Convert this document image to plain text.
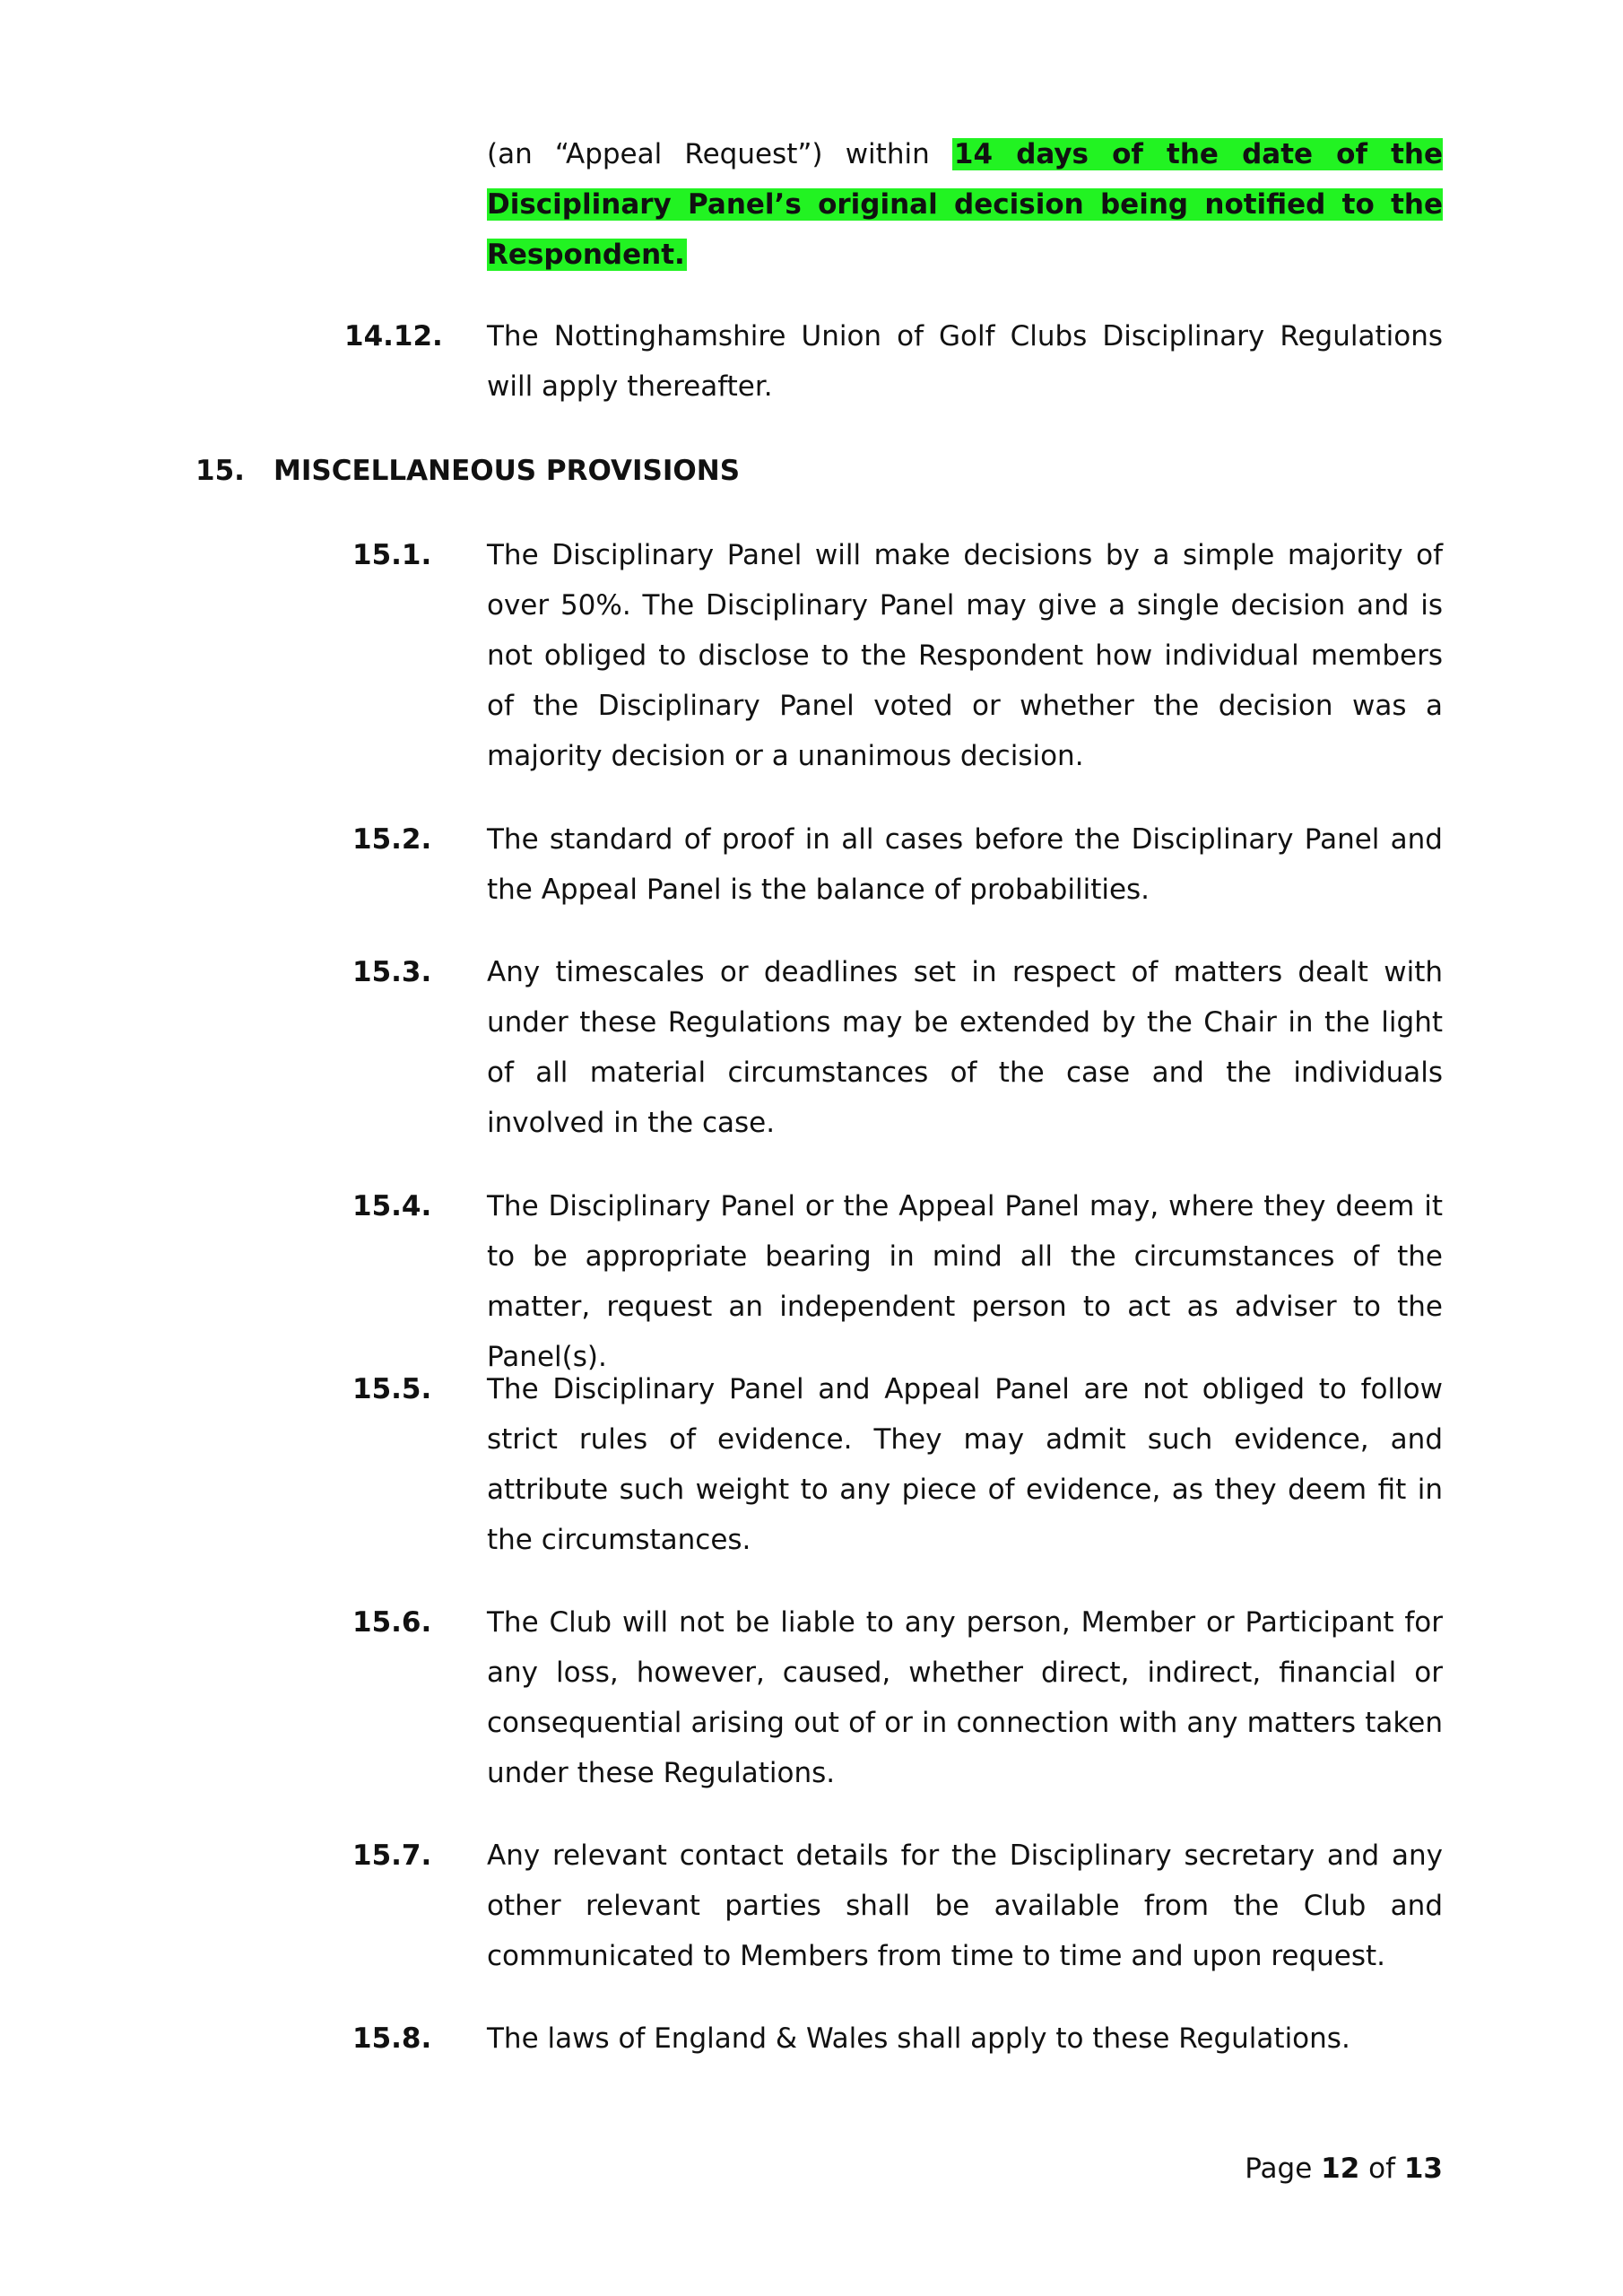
(an “Appeal Request”) within 14 days of the date of the Disciplinary Panel’s original decision being notified to the Respondent.
14.12. The Nottinghamshire Union of Golf Clubs Disciplinary Regulations will apply thereafter.
15. MISCELLANEOUS PROVISIONS
15.1. The Disciplinary Panel will make decisions by a simple majority of over 50%. The Disciplinary Panel may give a single decision and is not obliged to disclose to the Respondent how individual members of the Disciplinary Panel voted or whether the decision was a majority decision or a unanimous decision.
15.2. The standard of proof in all cases before the Disciplinary Panel and the Appeal Panel is the balance of probabilities.
15.3. Any timescales or deadlines set in respect of matters dealt with under these Regulations may be extended by the Chair in the light of all material circumstances of the case and the individuals involved in the case.
15.4. The Disciplinary Panel or the Appeal Panel may, where they deem it to be appropriate bearing in mind all the circumstances of the matter, request an independent person to act as adviser to the Panel(s).
15.5. The Disciplinary Panel and Appeal Panel are not obliged to follow strict rules of evidence. They may admit such evidence, and attribute such weight to any piece of evidence, as they deem fit in the circumstances.
15.6. The Club will not be liable to any person, Member or Participant for any loss, however, caused, whether direct, indirect, financial or consequential arising out of or in connection with any matters taken under these Regulations.
15.7. Any relevant contact details for the Disciplinary secretary and any other relevant parties shall be available from the Club and communicated to Members from time to time and upon request.
15.8. The laws of England & Wales shall apply to these Regulations.
Page 12 of 13
